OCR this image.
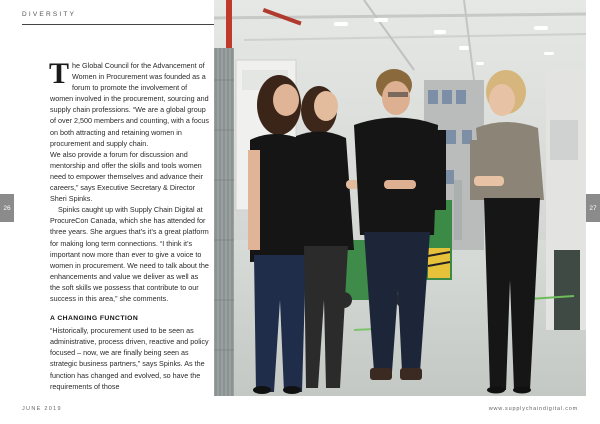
DIVERSITY

The Global Council for the Advancement of Women in Procurement was founded as a forum to promote the involvement of women involved in the procurement, sourcing and supply chain professions. “We are a global group of over 2,500 members and counting, with a focus on both attracting and retaining women in procurement and supply chain.

We also provide a forum for discussion and mentorship and offer the skills and tools women need to empower themselves and advance their careers,” says Executive Secretary & Director Sheri Spinks.

Spinks caught up with Supply Chain Digital at ProcureCon Canada, which she has attended for three years. She argues that’s it’s a great platform for making long term connections. “I think it’s important now more than ever to give a voice to women in procurement. We need to talk about the enhancements and value we deliver as well as the soft skills we possess that contribute to our success in this area,” she comments.

A CHANGING FUNCTION

“Historically, procurement used to be seen as administrative, process driven, reactive and policy focused – now, we are finally being seen as strategic business partners,” says Spinks. As the function has changed and evolved, so have the requirements of those

26	27
JUNE 2019	www.supplychaindigital.com
